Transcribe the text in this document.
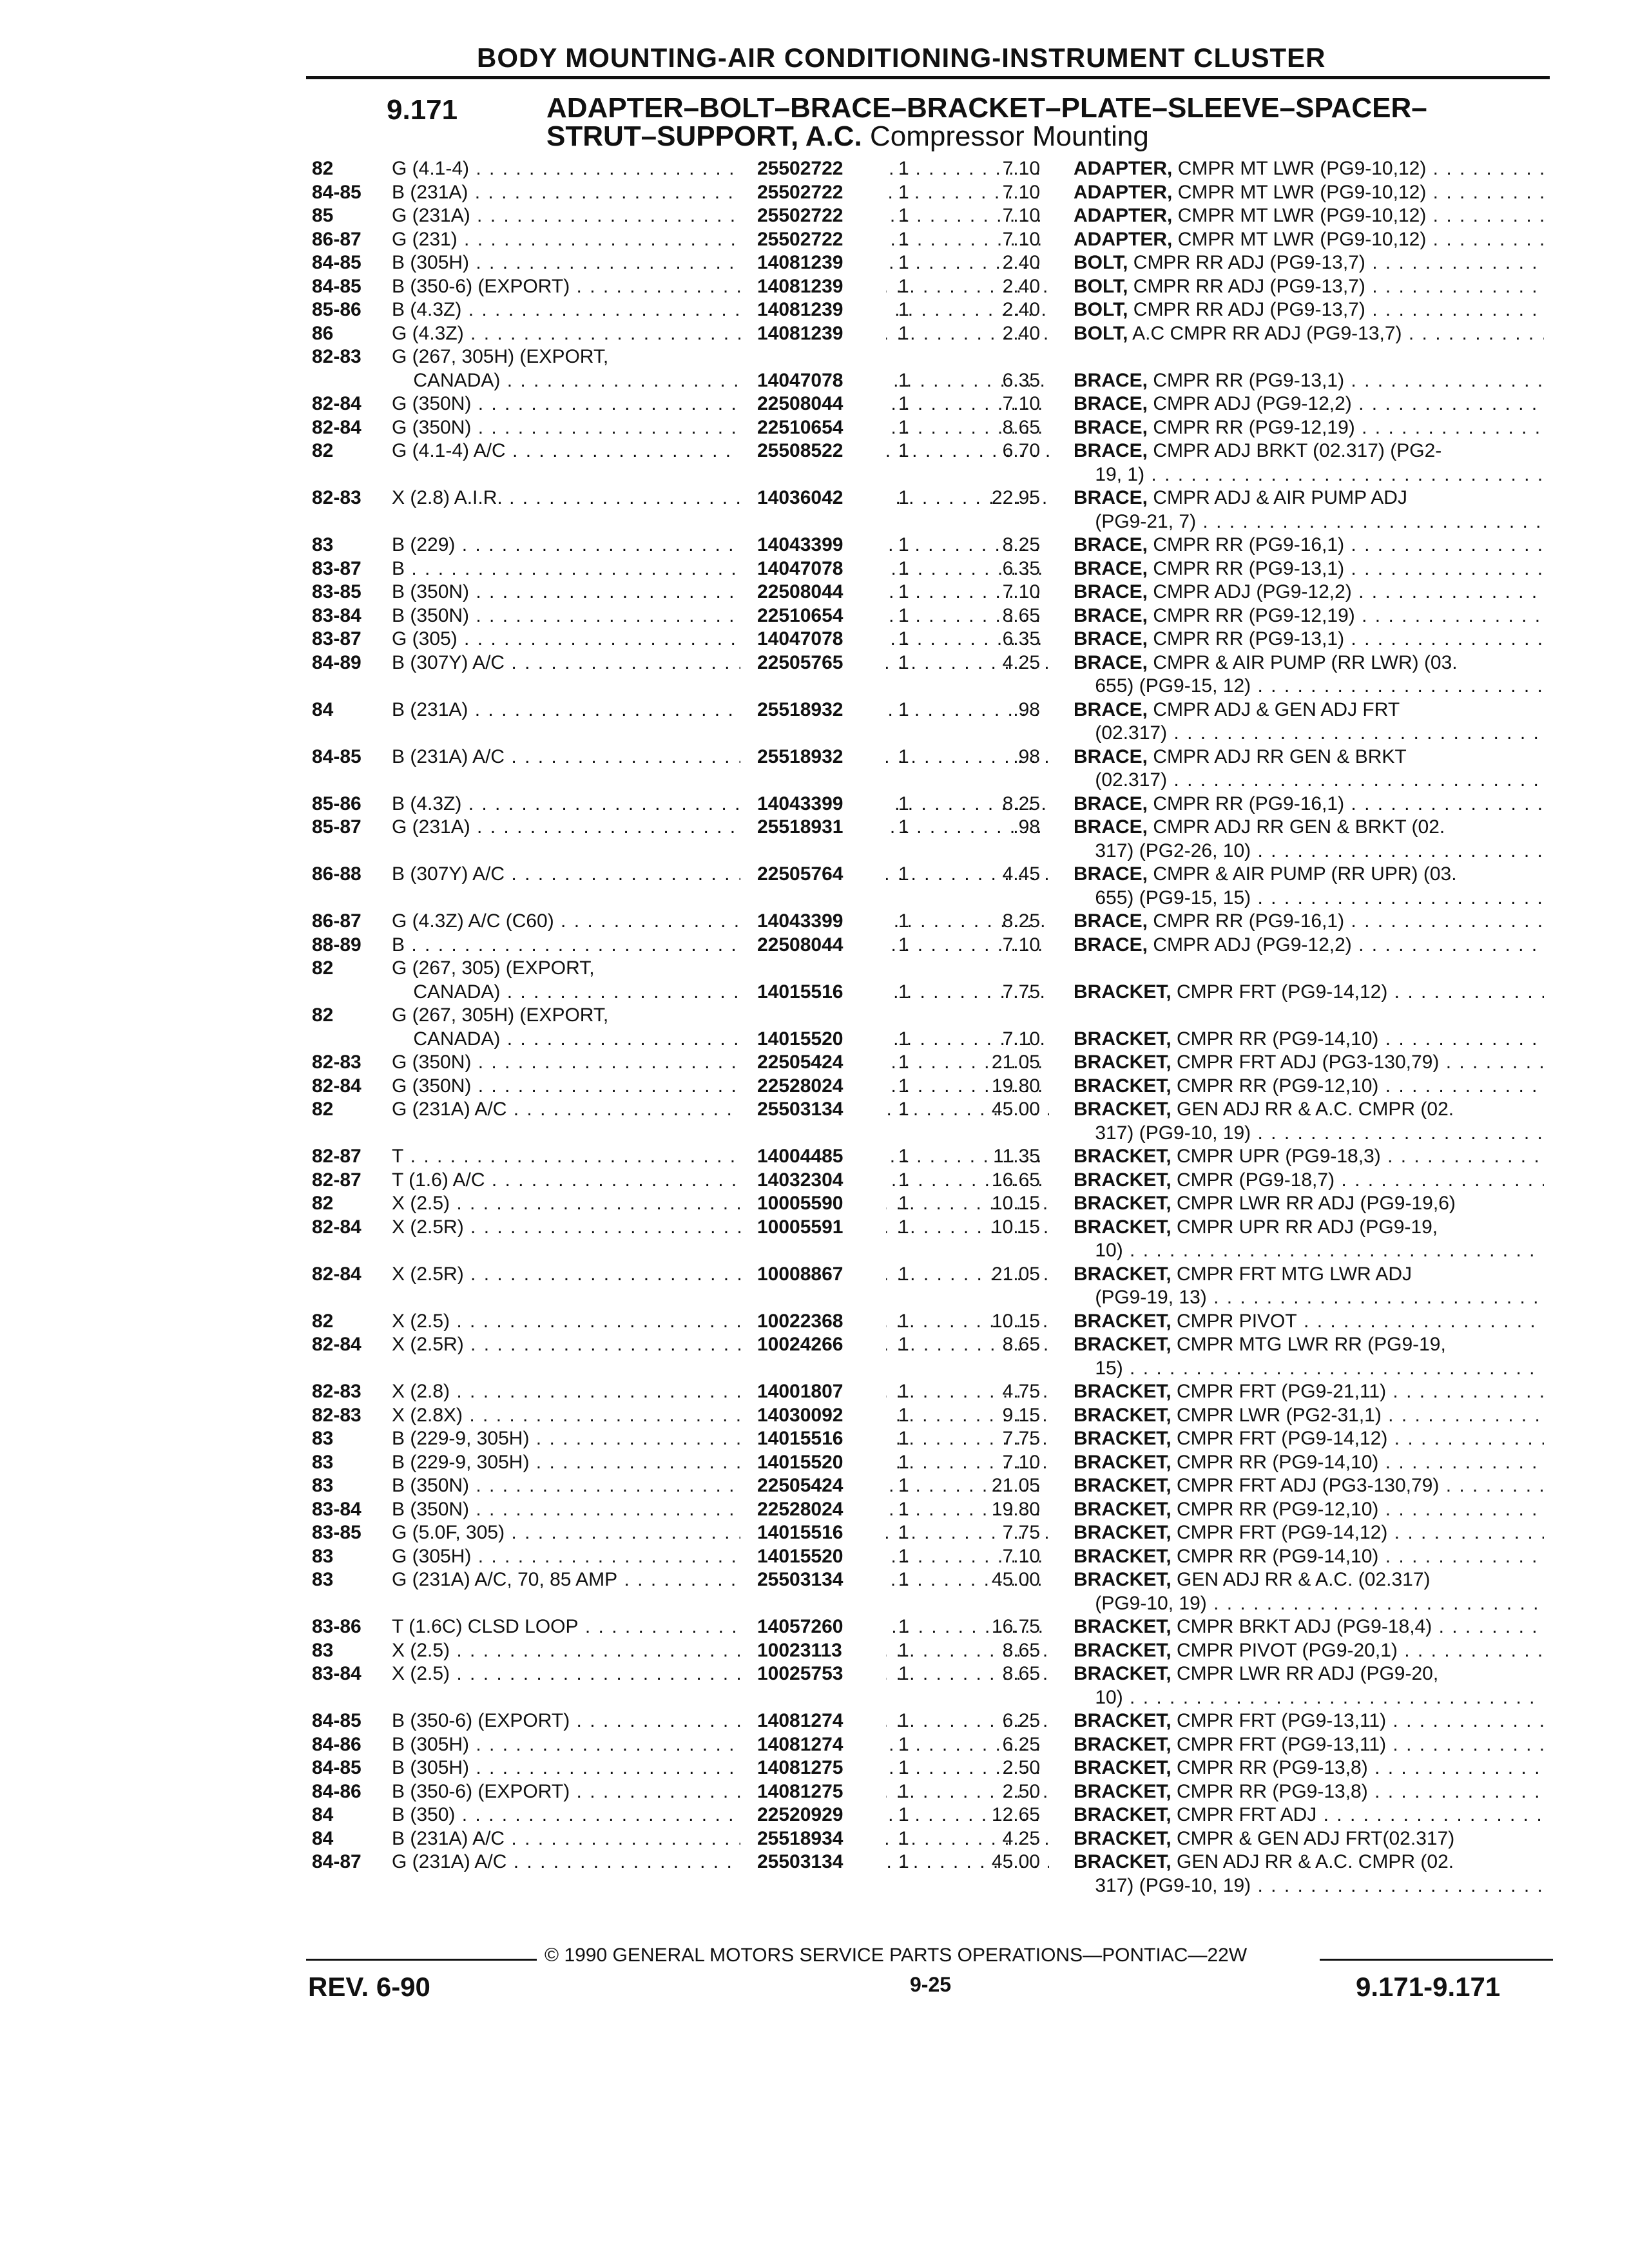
BODY MOUNTING-AIR CONDITIONING-INSTRUMENT CLUSTER
9.171	ADAPTER–BOLT–BRACE–BRACKET–PLATE–SLEEVE–SPACER–
STRUT–SUPPORT, A.C. Compressor Mounting
82	G (4.1-4) . . .	25502722	1	7.10 ADAPTER, CMPR MT LWR (PG9-10,12) . . .
84-85	B (231A) . . .	25502722	1	7.10 ADAPTER, CMPR MT LWR (PG9-10,12) . . .
85	G (231A) . . .	25502722	1	7.10 ADAPTER, CMPR MT LWR (PG9-10,12) . . .
86-87	G (231) . . .	25502722	1	7.10 ADAPTER, CMPR MT LWR (PG9-10,12) . . .
84-85	B (305H) . . .	14081239	1	2.40 BOLT, CMPR RR ADJ (PG9-13,7) . . .
84-85	B (350-6) (EXPORT) . . .	14081239	1	2.40 BOLT, CMPR RR ADJ (PG9-13,7) . . .
85-86	B (4.3Z) . . .	14081239	1	2.40 BOLT, CMPR RR ADJ (PG9-13,7) . . .
86	G (4.3Z) . . .	14081239	1	2.40 BOLT, A.C CMPR RR ADJ (PG9-13,7) . . .
82-83	G (267, 305H) (EXPORT,
CANADA) . . .	14047078	1	6.35 BRACE, CMPR RR (PG9-13,1) . . .
82-84	G (350N) . . .	22508044	1	7.10 BRACE, CMPR ADJ (PG9-12,2) . . .
82-84	G (350N) . . .	22510654	1	8.65 BRACE, CMPR RR (PG9-12,19) . . .
82	G (4.1-4) A/C . . .	25508522	1	6.70 BRACE, CMPR ADJ BRKT (02.317) (PG2-
19, 1) . . .
82-83	X (2.8) A.I.R. . . .	14036042	1	22.95 BRACE, CMPR ADJ & AIR PUMP ADJ
(PG9-21, 7) . . .
83	B (229) . . .	14043399	1	8.25 BRACE, CMPR RR (PG9-16,1) . . .
83-87	B . . .	14047078	1	6.35 BRACE, CMPR RR (PG9-13,1) . . .
83-85	B (350N) . . .	22508044	1	7.10 BRACE, CMPR ADJ (PG9-12,2) . . .
83-84	B (350N) . . .	22510654	1	8.65 BRACE, CMPR RR (PG9-12,19) . . .
83-87	G (305) . . .	14047078	1	6.35 BRACE, CMPR RR (PG9-13,1) . . .
84-89	B (307Y) A/C . . .	22505765	1	4.25 BRACE, CMPR & AIR PUMP (RR LWR) (03.
655) (PG9-15, 12) . . .
84	B (231A) . . .	25518932	1	.98 BRACE, CMPR ADJ & GEN ADJ FRT
(02.317) . . .
84-85	B (231A) A/C . . .	25518932	1	.98 BRACE, CMPR ADJ RR GEN & BRKT
(02.317) . . .
85-86	B (4.3Z) . . .	14043399	1	8.25 BRACE, CMPR RR (PG9-16,1) . . .
85-87	G (231A) . . .	25518931	1	.98 BRACE, CMPR ADJ RR GEN & BRKT (02.
317) (PG2-26, 10) . . .
86-88	B (307Y) A/C . . .	22505764	1	4.45 BRACE, CMPR & AIR PUMP (RR UPR) (03.
655) (PG9-15, 15) . . .
86-87	G (4.3Z) A/C (C60) . . .	14043399	1	8.25 BRACE, CMPR RR (PG9-16,1) . . .
88-89	B . . .	22508044	1	7.10 BRACE, CMPR ADJ (PG9-12,2) . . .
82	G (267, 305) (EXPORT,
CANADA) . . .	14015516	1	7.75 BRACKET, CMPR FRT (PG9-14,12) . . .
82	G (267, 305H) (EXPORT,
CANADA) . . .	14015520	1	7.10 BRACKET, CMPR RR (PG9-14,10) . . .
82-83	G (350N) . . .	22505424	1	21.05 BRACKET, CMPR FRT ADJ (PG3-130,79) . . .
82-84	G (350N) . . .	22528024	1	19.80 BRACKET, CMPR RR (PG9-12,10) . . .
82	G (231A) A/C . . .	25503134	1	45.00 BRACKET, GEN ADJ RR & A.C. CMPR (02.
317) (PG9-10, 19) . . .
82-87	T . . .	14004485	1	11.35 BRACKET, CMPR UPR (PG9-18,3) . . .
82-87	T (1.6) A/C . . .	14032304	1	16.65 BRACKET, CMPR (PG9-18,7) . . .
82	X (2.5) . . .	10005590	1	10.15 BRACKET, CMPR LWR RR ADJ (PG9-19,6)
82-84	X (2.5R) . . .	10005591	1	10.15 BRACKET, CMPR UPR RR ADJ (PG9-19,
10) . . .
82-84	X (2.5R) . . .	10008867	1	21.05 BRACKET, CMPR FRT MTG LWR ADJ
(PG9-19, 13) . . .
82	X (2.5) . . .	10022368	1	10.15 BRACKET, CMPR PIVOT . . .
82-84	X (2.5R) . . .	10024266	1	8.65 BRACKET, CMPR MTG LWR RR (PG9-19,
15) . . .
82-83	X (2.8) . . .	14001807	1	4.75 BRACKET, CMPR FRT (PG9-21,11) . . .
82-83	X (2.8X) . . .	14030092	1	9.15 BRACKET, CMPR LWR (PG2-31,1) . . .
83	B (229-9, 305H) . . .	14015516	1	7.75 BRACKET, CMPR FRT (PG9-14,12) . . .
83	B (229-9, 305H) . . .	14015520	1	7.10 BRACKET, CMPR RR (PG9-14,10) . . .
83	B (350N) . . .	22505424	1	21.05 BRACKET, CMPR FRT ADJ (PG3-130,79) . . .
83-84	B (350N) . . .	22528024	1	19.80 BRACKET, CMPR RR (PG9-12,10) . . .
83-85	G (5.0F, 305) . . .	14015516	1	7.75 BRACKET, CMPR FRT (PG9-14,12) . . .
83	G (305H) . . .	14015520	1	7.10 BRACKET, CMPR RR (PG9-14,10) . . .
83	G (231A) A/C, 70, 85 AMP . . .	25503134	1	45.00 BRACKET, GEN ADJ RR & A.C. (02.317)
(PG9-10, 19) . . .
83-86	T (1.6C) CLSD LOOP . . .	14057260	1	16.75 BRACKET, CMPR BRKT ADJ (PG9-18,4) . . .
83	X (2.5) . . .	10023113	1	8.65 BRACKET, CMPR PIVOT (PG9-20,1) . . .
83-84	X (2.5) . . .	10025753	1	8.65 BRACKET, CMPR LWR RR ADJ (PG9-20,
10) . . .
84-85	B (350-6) (EXPORT) . . .	14081274	1	6.25 BRACKET, CMPR FRT (PG9-13,11) . . .
84-86	B (305H) . . .	14081274	1	6.25 BRACKET, CMPR FRT (PG9-13,11) . . .
84-85	B (305H) . . .	14081275	1	2.50 BRACKET, CMPR RR (PG9-13,8) . . .
84-86	B (350-6) (EXPORT) . . .	14081275	1	2.50 BRACKET, CMPR RR (PG9-13,8) . . .
84	B (350) . . .	22520929	1	12.65 BRACKET, CMPR FRT ADJ . . .
84	B (231A) A/C . . .	25518934	1	4.25 BRACKET, CMPR & GEN ADJ FRT(02.317)
84-87	G (231A) A/C . . .	25503134	1	45.00 BRACKET, GEN ADJ RR & A.C. CMPR (02.
317) (PG9-10, 19) . . .
© 1990 GENERAL MOTORS SERVICE PARTS OPERATIONS—PONTIAC—22W
REV. 6-90	9-25	9.171-9.171
